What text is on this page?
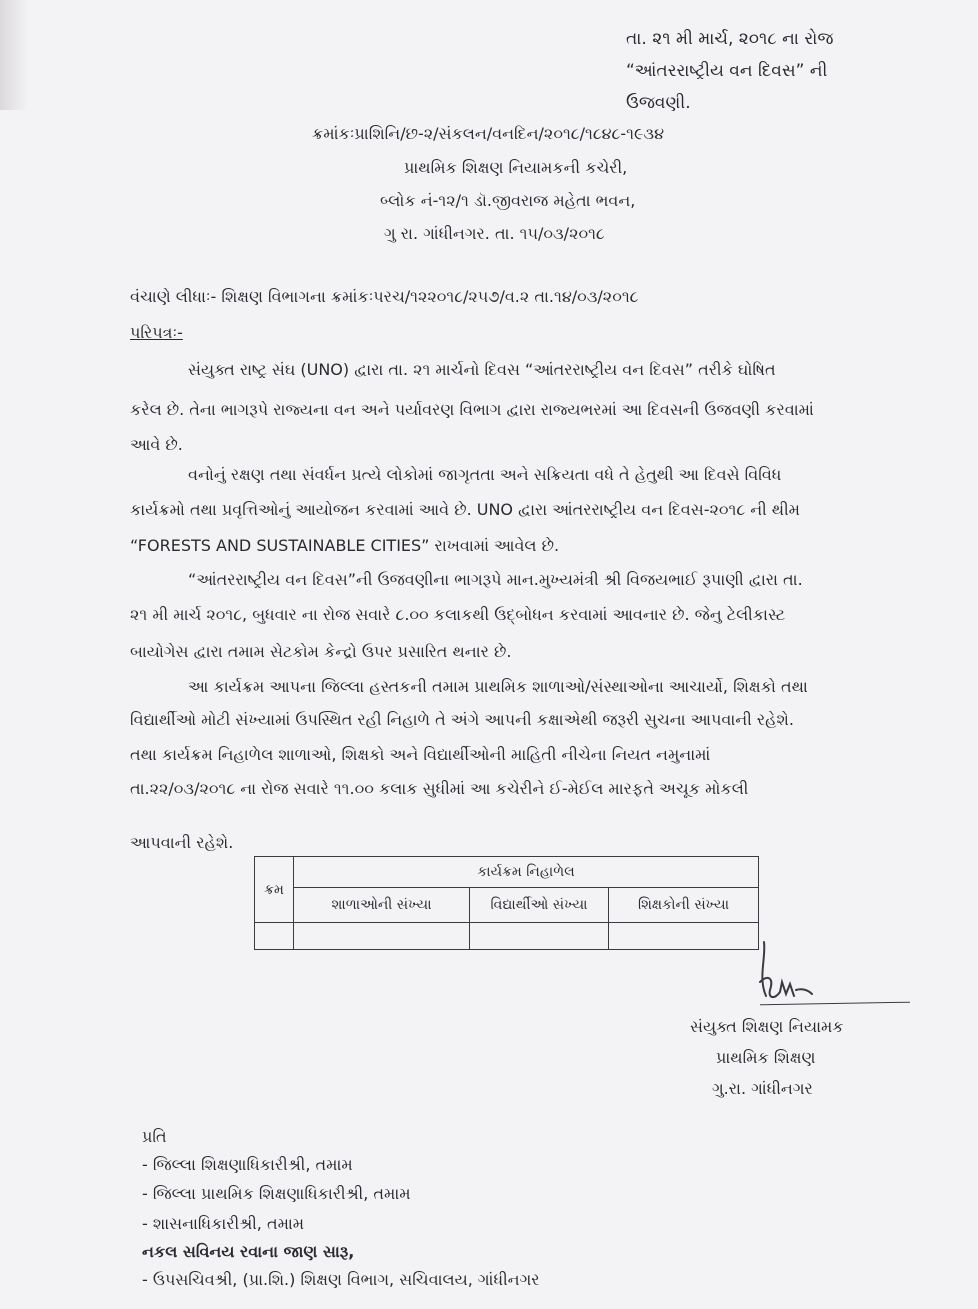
તા. ૨૧ મી માર્ચ, ૨૦૧૮ ના રોજ
“આંતરરાષ્ટ્રીય વન દિવસ” ની
ઉજવણી.
ક્રમાંકઃપ્રાશિનિ/છ-૨/સંકલન/વનદિન/૨૦૧૮/૧૮૪૮-૧૯૩૪
પ્રાથમિક શિક્ષણ નિયામકની કચેરી,
બ્લોક નં-૧૨/૧ ડૉ.જીવરાજ મહેતા ભવન,
ગુ રા. ગાંધીનગર. તા. ૧૫/૦૩/૨૦૧૮
વંચાણે લીધાઃ- શિક્ષણ વિભાગના ક્રમાંકઃપરચ/૧૨૨૦૧૮/૨૫૭/વ.૨ તા.૧૪/૦૩/૨૦૧૮
પરિપત્રઃ-
સંયુક્ત રાષ્ટ્ર સંઘ (UNO) દ્વારા તા. ૨૧ માર્ચનો દિવસ “આંતરરાષ્ટ્રીય વન દિવસ” તરીકે ઘોષિત
કરેલ છે. તેના ભાગરૂપે રાજ્યના વન અને પર્યાવરણ વિભાગ દ્વારા રાજ્યભરમાં આ દિવસની ઉજવણી કરવામાં
આવે છે.
વનોનું રક્ષણ તથા સંવર્ધન પ્રત્યે લોકોમાં જાગૃતતા અને સક્રિયતા વધે તે હેતુથી આ દિવસે વિવિધ
કાર્યક્રમો તથા પ્રવૃત્તિઓનું આયોજન કરવામાં આવે છે. UNO દ્વારા આંતરરાષ્ટ્રીય વન દિવસ-૨૦૧૮ ની થીમ
“FORESTS AND SUSTAINABLE CITIES” રાખવામાં આવેલ છે.
“આંતરરાષ્ટ્રીય વન દિવસ”ની ઉજવણીના ભાગરૂપે માન.મુખ્યમંત્રી શ્રી વિજયભાઈ રૂપાણી દ્વારા તા.
૨૧ મી માર્ચ ૨૦૧૮, બુધવાર ના રોજ સવારે ૮.૦૦ કલાકથી ઉદ્બોધન કરવામાં આવનાર છે. જેનુ ટેલીકાસ્ટ
બાયોગેસ દ્વારા તમામ સેટકોમ કેન્દ્રો ઉપર પ્રસારિત થનાર છે.
આ કાર્યક્રમ આપના જિલ્લા હસ્તકની તમામ પ્રાથમિક શાળાઓ/સંસ્થાઓના આચાર્યો, શિક્ષકો તથા
વિદ્યાર્થીઓ મોટી સંખ્યામાં ઉપસ્થિત રહી નિહાળે તે અંગે આપની કક્ષાએથી જરૂરી સુચના આપવાની રહેશે.
તથા કાર્યક્રમ નિહાળેલ શાળાઓ, શિક્ષકો અને વિદ્યાર્થીઓની માહિતી નીચેના નિયત નમુનામાં
તા.૨૨/૦૩/૨૦૧૮ ના રોજ સવારે ૧૧.૦૦ કલાક સુધીમાં આ કચેરીને ઈ-મેઈલ મારફતે અચૂક મોકલી
આપવાની રહેશે.
ક્રમ	કાર્યક્રમ નિહાળેલ		
	શાળાઓની સંખ્યા	વિદ્યાર્થીઓ સંખ્યા	શિક્ષકોની સંખ્યા

સંયુક્ત શિક્ષણ નિયામક
પ્રાથમિક શિક્ષણ
ગુ.રા. ગાંધીનગર
પ્રતિ
- જિલ્લા શિક્ષણાધિકારીશ્રી, તમામ
- જિલ્લા પ્રાથમિક શિક્ષણાધિકારીશ્રી, તમામ
- શાસનાધિકારીશ્રી, તમામ
નકલ સવિનય રવાના જાણ સારૂ,
- ઉપસચિવશ્રી, (પ્રા.શિ.) શિક્ષણ વિભાગ, સચિવાલય, ગાંધીનગર
